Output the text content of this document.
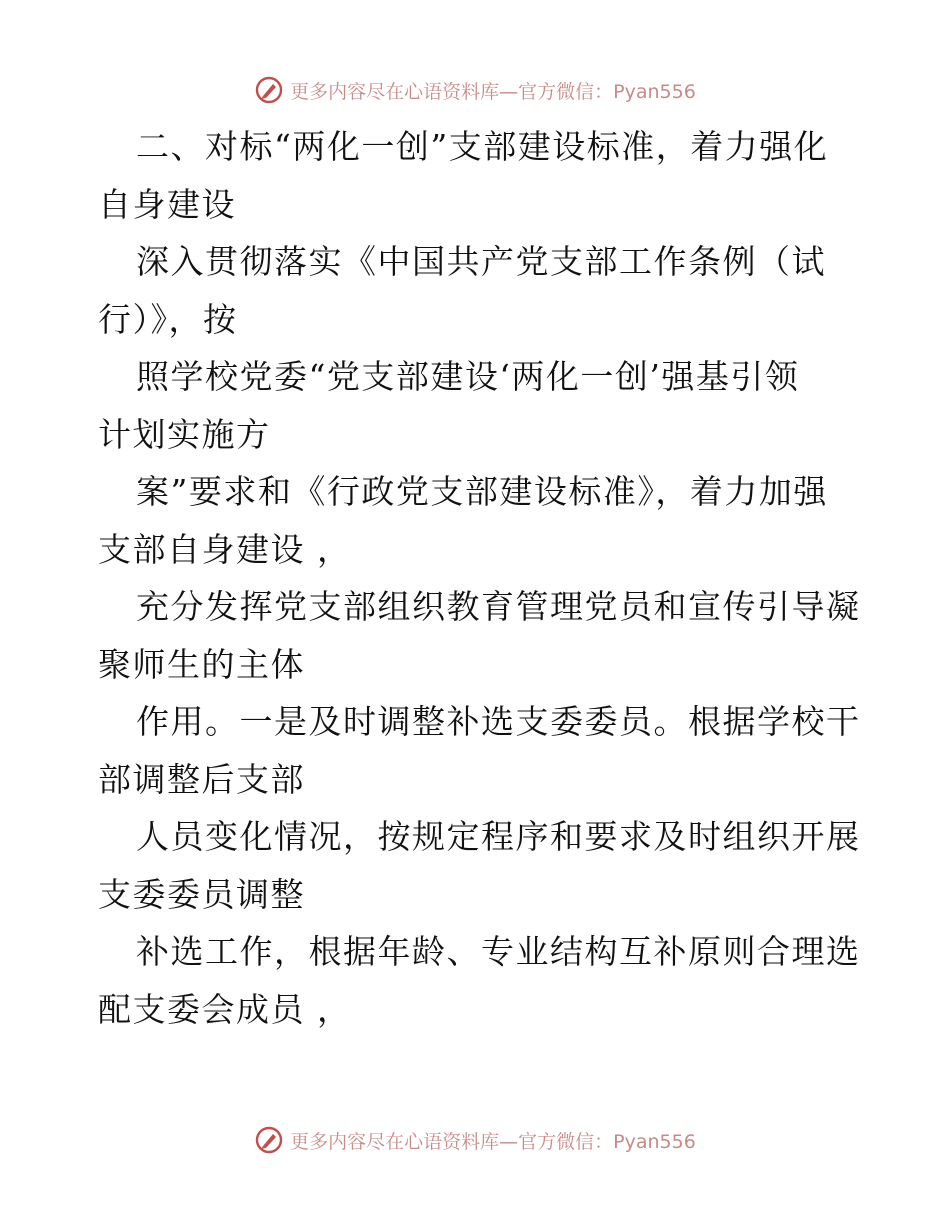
更多内容尽在心语资料库—官方微信：Pyan556
二、对标“两化一创”支部建设标准，着力强化
自身建设
深入贯彻落实《中国共产党支部工作条例（试
行）》，按
照学校党委“党支部建设‘两化一创’强基引领
计划实施方
案”要求和《行政党支部建设标准》，着力加强
支部自身建设 ，
充分发挥党支部组织教育管理党员和宣传引导凝
聚师生的主体
作用。一是及时调整补选支委委员。根据学校干
部调整后支部
人员变化情况，按规定程序和要求及时组织开展
支委委员调整
补选工作，根据年龄、专业结构互补原则合理选
配支委会成员 ，
更多内容尽在心语资料库—官方微信：Pyan556
